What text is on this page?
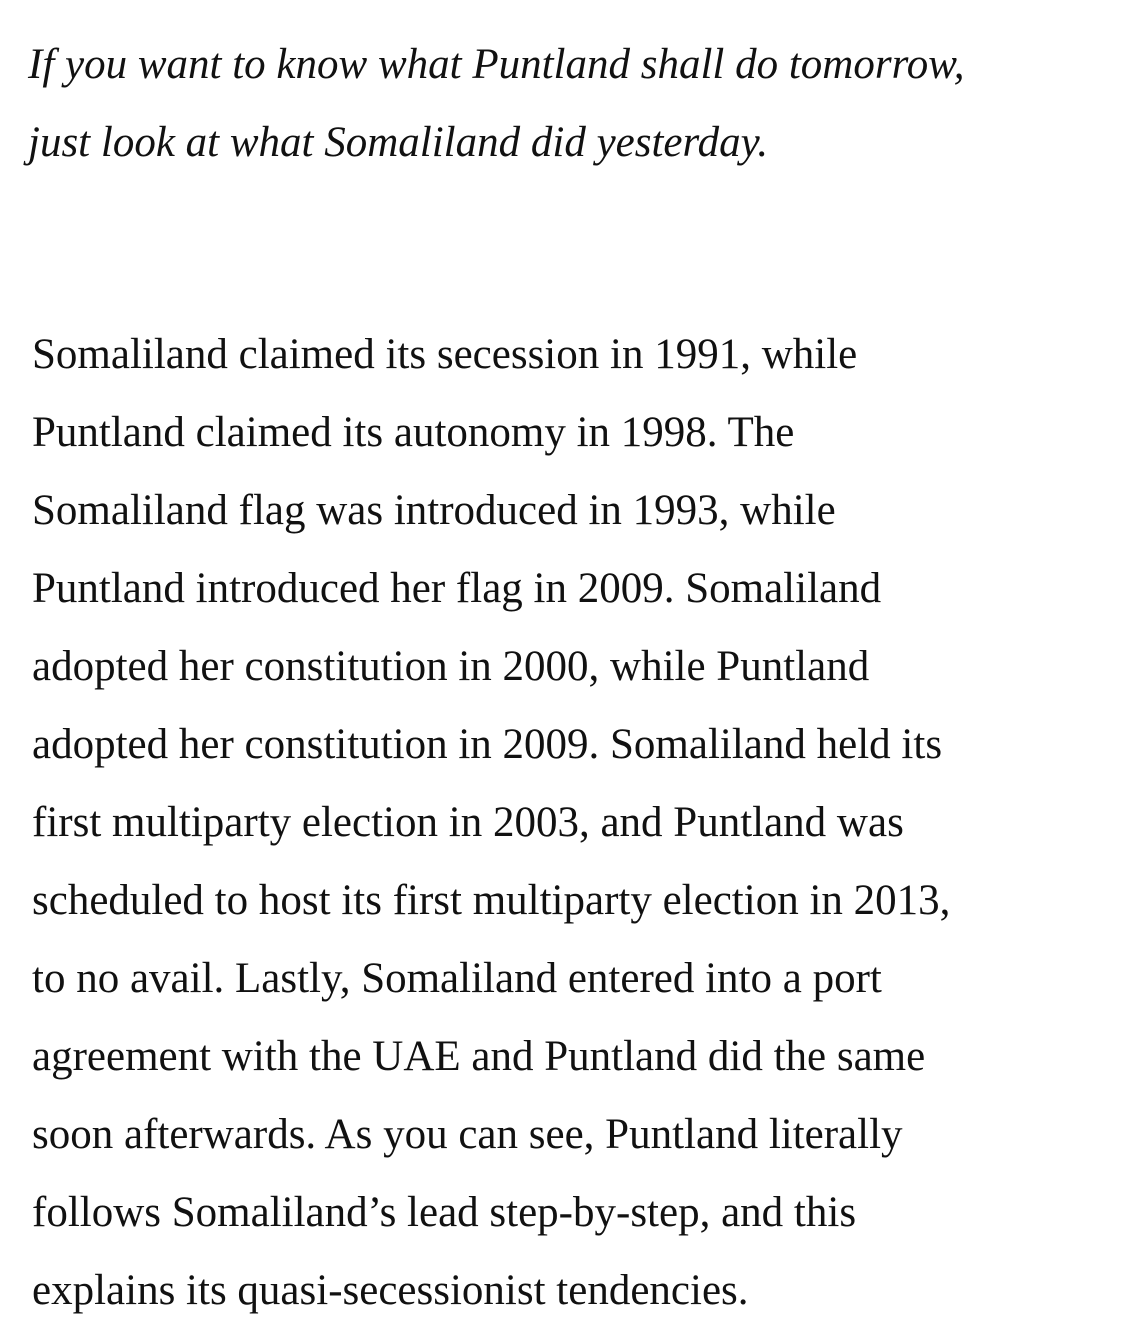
If you want to know what Puntland shall do tomorrow,
just look at what Somaliland did yesterday.

Somaliland claimed its secession in 1991, while
Puntland claimed its autonomy in 1998. The
Somaliland flag was introduced in 1993, while
Puntland introduced her flag in 2009. Somaliland
adopted her constitution in 2000, while Puntland
adopted her constitution in 2009. Somaliland held its
first multiparty election in 2003, and Puntland was
scheduled to host its first multiparty election in 2013,
to no avail. Lastly, Somaliland entered into a port
agreement with the UAE and Puntland did the same
soon afterwards. As you can see, Puntland literally
follows Somaliland’s lead step-by-step, and this
explains its quasi-secessionist tendencies.
